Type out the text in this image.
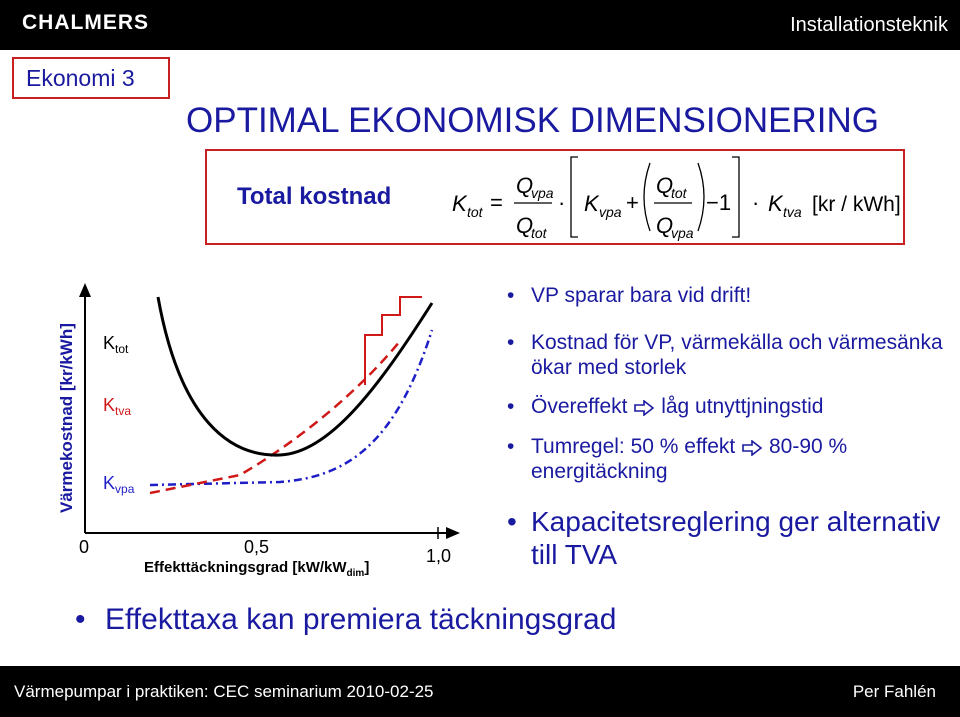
CHALMERS	Installationsteknik
Ekonomi 3
OPTIMAL EKONOMISK DIMENSIONERING
Total kostnad	K tot =
Q
vpa
Q
tot
· K vpa +
Q
tot
Q
vpa
−1 · K tva [kr / kWh]
Värmekostnad [kr/kWh]
0	0,5	1,0
Effekttäckningsgrad $[kW/kW_{dim}]$
$K_{tot}$
$K_{tva}$
$K_{vpa}$
• VP sparar bara vid drift!
• Kostnad för VP, värmekälla och värmesänka ökar med storlek
• Övereffekt låg utnyttjningstid
• Tumregel: 50 % effekt 80-90 % energitäckning
• Kapacitetsreglering ger alternativ till TVA
• Effekttaxa kan premiera täckningsgrad
Värmepumpar i praktiken: CEC seminarium 2010-02-25	Per Fahlén
